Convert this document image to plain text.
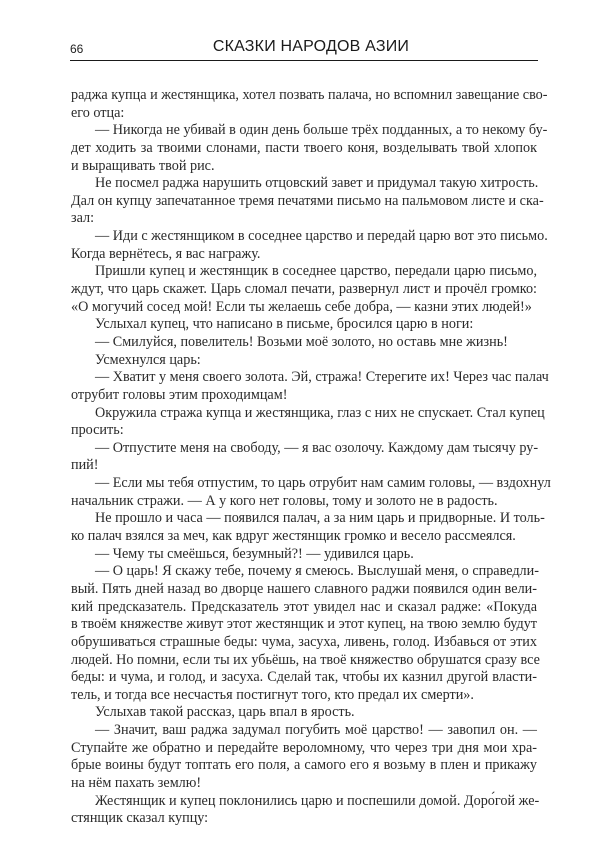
66	СКАЗКИ НАРОДОВ АЗИИ
раджа купца и жестянщика, хотел позвать палача, но вспомнил завещание сво-
его отца:
— Никогда не убивай в один день больше трёх подданных, а то некому бу-
дет ходить за твоими слонами, пасти твоего коня, возделывать твой хлопок
и выращивать твой рис.
Не посмел раджа нарушить отцовский завет и придумал такую хитрость.
Дал он купцу запечатанное тремя печатями письмо на пальмовом листе и ска-
зал:
— Иди с жестянщиком в соседнее царство и передай царю вот это письмо.
Когда вернётесь, я вас награжу.
Пришли купец и жестянщик в соседнее царство, передали царю письмо,
ждут, что царь скажет. Царь сломал печати, развернул лист и прочёл громко:
«О могучий сосед мой! Если ты желаешь себе добра, — казни этих людей!»
Услыхал купец, что написано в письме, бросился царю в ноги:
— Смилуйся, повелитель! Возьми моё золото, но оставь мне жизнь!
Усмехнулся царь:
— Хватит у меня своего золота. Эй, стража! Стерегите их! Через час палач
отрубит головы этим проходимцам!
Окружила стража купца и жестянщика, глаз с них не спускает. Стал купец
просить:
— Отпустите меня на свободу, — я вас озолочу. Каждому дам тысячу ру-
пий!
— Если мы тебя отпустим, то царь отрубит нам самим головы, — вздохнул
начальник стражи. — А у кого нет головы, тому и золото не в радость.
Не прошло и часа — появился палач, а за ним царь и придворные. И толь-
ко палач взялся за меч, как вдруг жестянщик громко и весело рассмеялся.
— Чему ты смеёшься, безумный?! — удивился царь.
— О царь! Я скажу тебе, почему я смеюсь. Выслушай меня, о справедли-
вый. Пять дней назад во дворце нашего славного раджи появился один вели-
кий предсказатель. Предсказатель этот увидел нас и сказал радже: «Покуда
в твоём княжестве живут этот жестянщик и этот купец, на твою землю будут
обрушиваться страшные беды: чума, засуха, ливень, голод. Избавься от этих
людей. Но помни, если ты их убьёшь, на твоё княжество обрушатся сразу все
беды: и чума, и голод, и засуха. Сделай так, чтобы их казнил другой власти-
тель, и тогда все несчастья постигнут того, кто предал их смерти».
Услыхав такой рассказ, царь впал в ярость.
— Значит, ваш раджа задумал погубить моё царство! — завопил он. —
Ступайте же обратно и передайте вероломному, что через три дня мои хра-
брые воины будут топтать его поля, а самого его я возьму в плен и прикажу
на нём пахать землю!
Жестянщик и купец поклонились царю и поспешили домой. Доро́гой же-
стянщик сказал купцу:
